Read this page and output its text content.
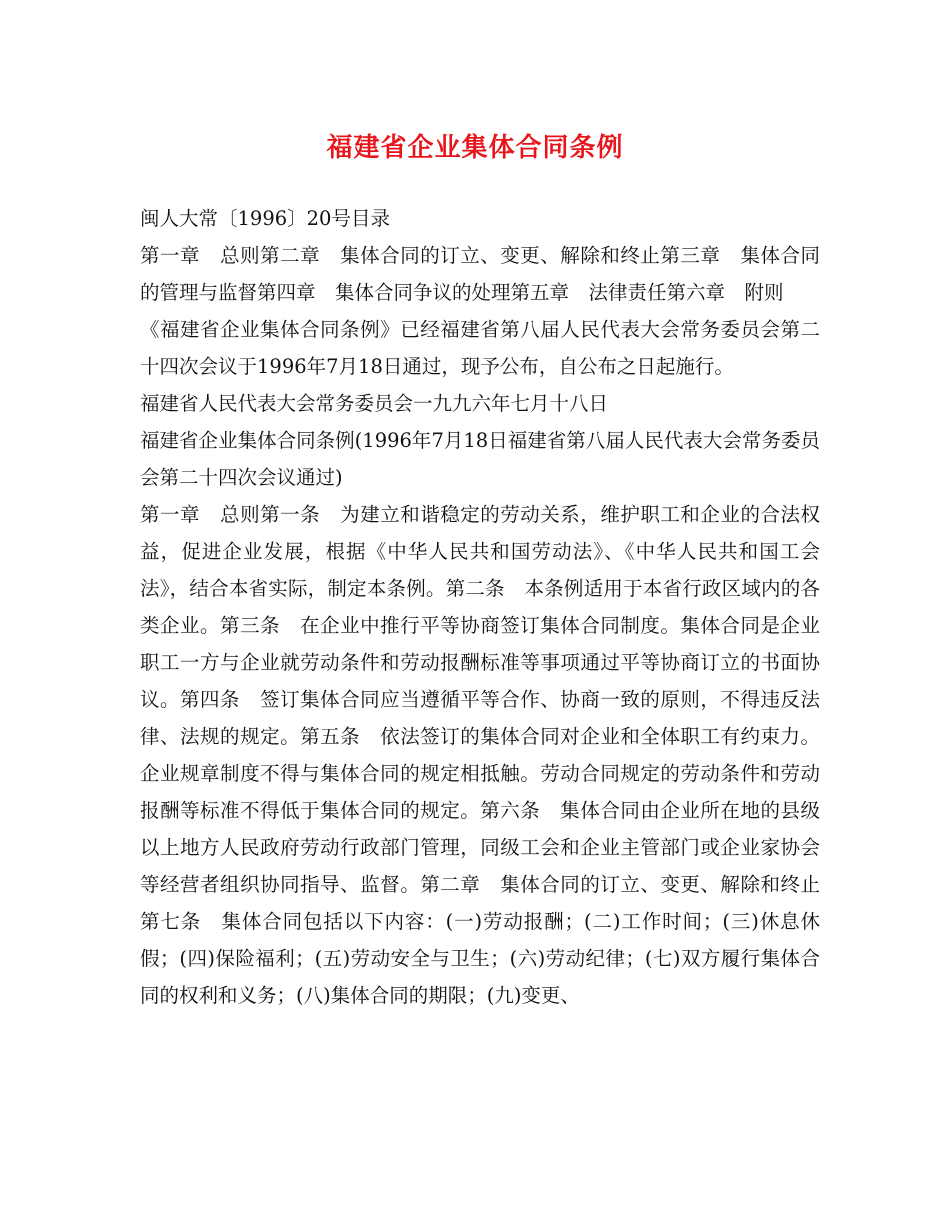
福建省企业集体合同条例

闽人大常〔1996〕20号目录

第一章　总则第二章　集体合同的订立、变更、解除和终止第三章　集体合同的管理与监督第四章　集体合同争议的处理第五章　法律责任第六章　附则

《福建省企业集体合同条例》已经福建省第八届人民代表大会常务委员会第二十四次会议于1996年7月18日通过，现予公布，自公布之日起施行。

福建省人民代表大会常务委员会一九九六年七月十八日

福建省企业集体合同条例(1996年7月18日福建省第八届人民代表大会常务委员会第二十四次会议通过)

第一章　总则第一条　为建立和谐稳定的劳动关系，维护职工和企业的合法权益，促进企业发展，根据《中华人民共和国劳动法》、《中华人民共和国工会法》，结合本省实际，制定本条例。第二条　本条例适用于本省行政区域内的各类企业。第三条　在企业中推行平等协商签订集体合同制度。集体合同是企业职工一方与企业就劳动条件和劳动报酬标准等事项通过平等协商订立的书面协议。第四条　签订集体合同应当遵循平等合作、协商一致的原则，不得违反法律、法规的规定。第五条　依法签订的集体合同对企业和全体职工有约束力。企业规章制度不得与集体合同的规定相抵触。劳动合同规定的劳动条件和劳动报酬等标准不得低于集体合同的规定。第六条　集体合同由企业所在地的县级以上地方人民政府劳动行政部门管理，同级工会和企业主管部门或企业家协会等经营者组织协同指导、监督。第二章　集体合同的订立、变更、解除和终止第七条　集体合同包括以下内容：(一)劳动报酬；(二)工作时间；(三)休息休假；(四)保险福利；(五)劳动安全与卫生；(六)劳动纪律；(七)双方履行集体合同的权利和义务；(八)集体合同的期限；(九)变更、
